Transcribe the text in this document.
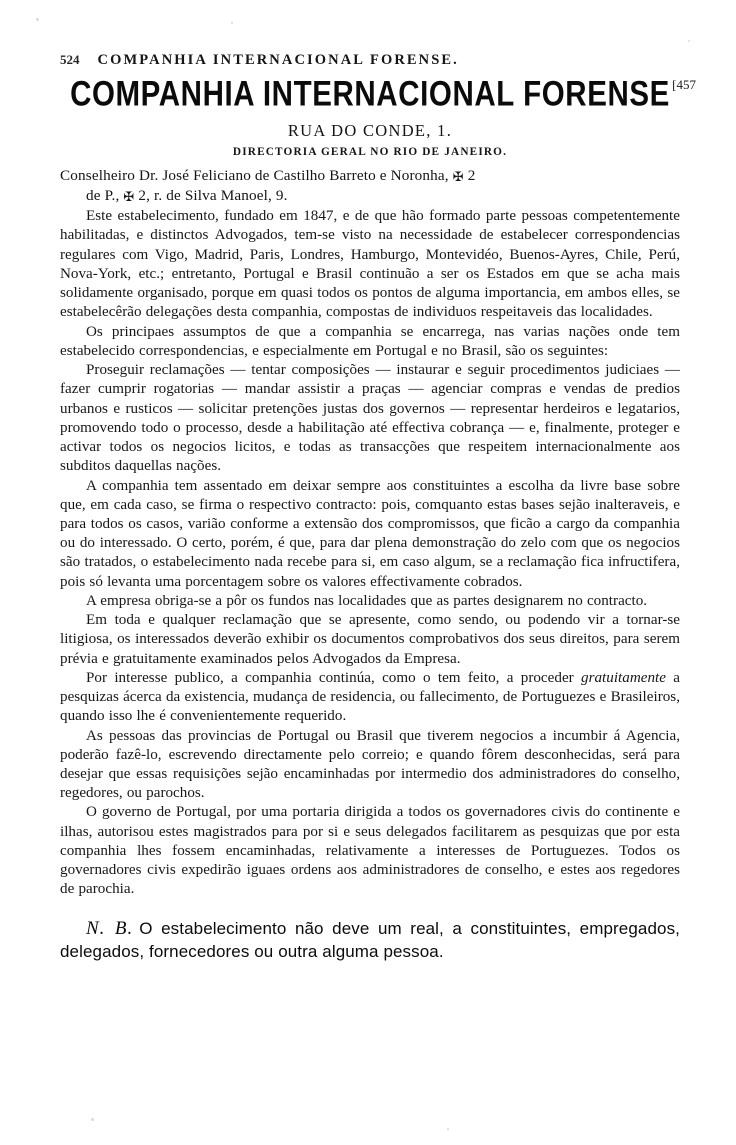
524 COMPANHIA INTERNACIONAL FORENSE.
COMPANHIA INTERNACIONAL FORENSE [457
RUA DO CONDE, 1.
DIRECTORIA GERAL NO RIO DE JANEIRO.
Conselheiro Dr. José Feliciano de Castilho Barreto e Noronha, ✠ 2
de P., ✠ 2, r. de Silva Manoel, 9.

Este estabelecimento, fundado em 1847, e de que hão formado parte pessoas competentemente habilitadas, e distinctos Advogados, tem-se visto na necessidade de estabelecer correspondencias regulares com Vigo, Madrid, Paris, Londres, Hamburgo, Montevidéo, Buenos-Ayres, Chile, Perú, Nova-York, etc.; entretanto, Portugal e Brasil continuão a ser os Estados em que se acha mais solidamente organisado, porque em quasi todos os pontos de alguma importancia, em ambos elles, se estabelecêrão delegações desta companhia, compostas de individuos respeitaveis das localidades.

Os principaes assumptos de que a companhia se encarrega, nas varias nações onde tem estabelecido correspondencias, e especialmente em Portugal e no Brasil, são os seguintes:

Proseguir reclamações — tentar composições — instaurar e seguir procedimentos judiciaes — fazer cumprir rogatorias — mandar assistir a praças — agenciar compras e vendas de predios urbanos e rusticos — solicitar pretenções justas dos governos — representar herdeiros e legatarios, promovendo todo o processo, desde a habilitação até effectiva cobrança — e, finalmente, proteger e activar todos os negocios licitos, e todas as transacções que respeitem internacionalmente aos subditos daquellas nações.

A companhia tem assentado em deixar sempre aos constituintes a escolha da livre base sobre que, em cada caso, se firma o respectivo contracto: pois, comquanto estas bases sejão inalteraveis, e para todos os casos, varião conforme a extensão dos compromissos, que ficão a cargo da companhia ou do interessado. O certo, porém, é que, para dar plena demonstração do zelo com que os negocios são tratados, o estabelecimento nada recebe para si, em caso algum, se a reclamação fica infructifera, pois só levanta uma porcentagem sobre os valores effectivamente cobrados.

A empresa obriga-se a pôr os fundos nas localidades que as partes designarem no contracto.

Em toda e qualquer reclamação que se apresente, como sendo, ou podendo vir a tornar-se litigiosa, os interessados deverão exhibir os documentos comprobativos dos seus direitos, para serem prévia e gratuitamente examinados pelos Advogados da Empresa.

Por interesse publico, a companhia continúa, como o tem feito, a proceder gratuitamente a pesquizas ácerca da existencia, mudança de residencia, ou fallecimento, de Portuguezes e Brasileiros, quando isso lhe é convenientemente requerido.

As pessoas das provincias de Portugal ou Brasil que tiverem negocios a incumbir á Agencia, poderão fazê-lo, escrevendo directamente pelo correio; e quando fôrem desconhecidas, será para desejar que essas requisições sejão encaminhadas por intermedio dos administradores do conselho, regedores, ou parochos.

O governo de Portugal, por uma portaria dirigida a todos os governadores civis do continente e ilhas, autorisou estes magistrados para por si e seus delegados facilitarem as pesquizas que por esta companhia lhes fossem encaminhadas, relativamente a interesses de Portuguezes. Todos os governadores civis expedirão iguaes ordens aos administradores de conselho, e estes aos regedores de parochia.

N. B. O estabelecimento não deve um real, a constituintes, empregados, delegados, fornecedores ou outra alguma pessoa.
